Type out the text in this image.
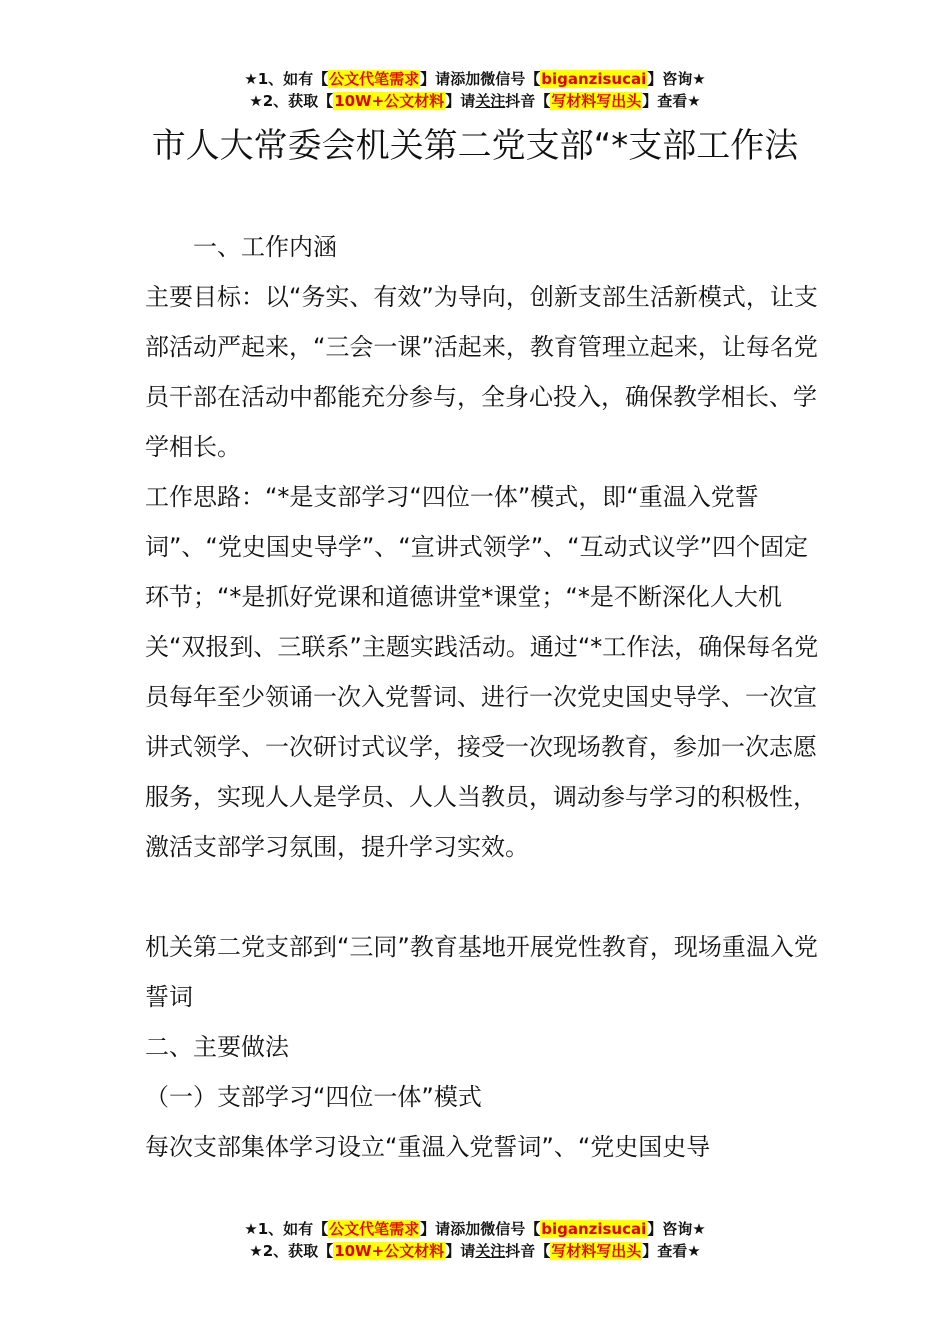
★1、如有【公文代笔需求】请添加微信号【biganzisucai】咨询★
★2、获取【10W+公文材料】请关注抖音【写材料写出头】查看★
市人大常委会机关第二党支部“*支部工作法

一、工作内涵

主要目标：以“务实、有效”为导向，创新支部生活新模式，让支部活动严起来，“三会一课”活起来，教育管理立起来，让每名党员干部在活动中都能充分参与，全身心投入，确保教学相长、学学相长。

工作思路：“*是支部学习“四位一体”模式，即“重温入党誓词”、“党史国史导学”、“宣讲式领学”、“互动式议学”四个固定环节；“*是抓好党课和道德讲堂*课堂；“*是不断深化人大机关“双报到、三联系”主题实践活动。通过“*工作法，确保每名党员每年至少领诵一次入党誓词、进行一次党史国史导学、一次宣讲式领学、一次研讨式议学，接受一次现场教育，参加一次志愿服务，实现人人是学员、人人当教员，调动参与学习的积极性，激活支部学习氛围，提升学习实效。

机关第二党支部到“三同”教育基地开展党性教育，现场重温入党誓词

二、主要做法

（一）支部学习“四位一体”模式

每次支部集体学习设立“重温入党誓词”、“党史国史导

★1、如有【公文代笔需求】请添加微信号【biganzisucai】咨询★
★2、获取【10W+公文材料】请关注抖音【写材料写出头】查看★
